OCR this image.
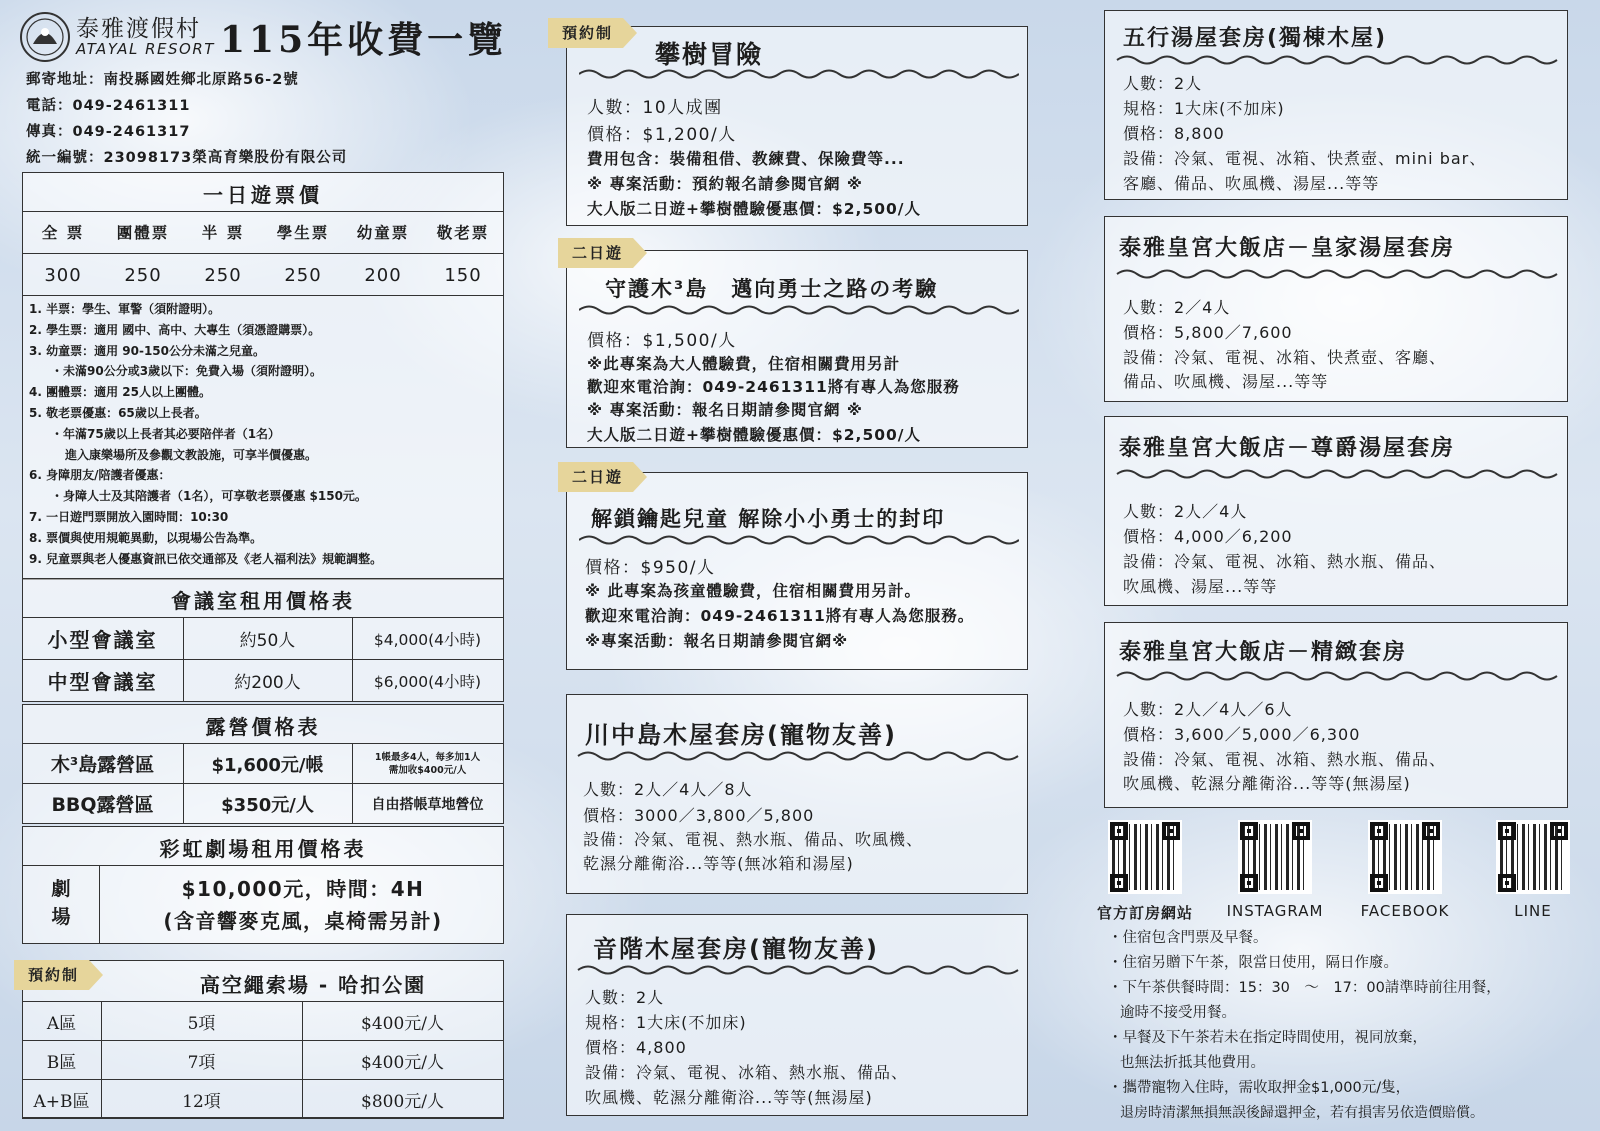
泰雅渡假村
ATAYAL RESORT 115年收費一覽
郵寄地址：南投縣國姓鄉北原路56-2號
電話：049-2461311
傳真：049-2461317
統一編號：23098173榮高育樂股份有限公司
一日遊票價
全 票	團體票	半 票	學生票	幼童票	敬老票
300	250	250	250	200	150
1. 半票：學生、軍警（須附證明）。
2. 學生票：適用 國中、高中、大專生（須憑證購票）。
3. 幼童票：適用 90-150公分未滿之兒童。
・未滿90公分或3歲以下：免費入場（須附證明）。
4. 團體票：適用 25人以上團體。
5. 敬老票優惠：65歲以上長者。
・年滿75歲以上長者其必要陪伴者（1名）
進入康樂場所及參觀文教設施，可享半價優惠。
6. 身障朋友/陪護者優惠：
・身障人士及其陪護者（1名），可享敬老票優惠 $150元。
7. 一日遊門票開放入園時間：10:30
8. 票價與使用規範異動，以現場公告為準。
9. 兒童票與老人優惠資訊已依交通部及《老人福利法》規範調整。
會議室租用價格表
小型會議室	約50人	$4,000(4小時)
中型會議室	約200人	$6,000(4小時)
露營價格表
木³島露營區	$1,600元/帳	1帳最多4人，每多加1人
需加收$400元/人

BBQ露營區	$350元/人	自由搭帳草地營位
彩虹劇場租用價格表
劇場
$10,000元，時間：4H
(含音響麥克風，桌椅需另計)
高空繩索場 - 哈扣公園
A區	5項	$400元/人
B區	7項	$400元/人
A+B區	12項	$800元/人
預約制
攀樹冒險
人數：10人成團
價格：$1,200/人
費用包含：裝備租借、教練費、保險費等...
※ 專案活動：預約報名請參閱官網 ※
大人版二日遊+攀樹體驗優惠價：$2,500/人
預約制
守護木³島　邁向勇士之路の考驗
價格：$1,500/人
※此專案為大人體驗費，住宿相關費用另計
歡迎來電洽詢：049-2461311將有專人為您服務
※ 專案活動：報名日期請參閱官網 ※
大人版二日遊+攀樹體驗優惠價：$2,500/人
二日遊
解鎖鑰匙兒童 解除小小勇士的封印
價格：$950/人
※ 此專案為孩童體驗費，住宿相關費用另計。
歡迎來電洽詢：049-2461311將有專人為您服務。
※專案活動：報名日期請參閱官網※
二日遊
川中島木屋套房(寵物友善)
人數：2人／4人／8人
價格：3000／3,800／5,800
設備：冷氣、電視、熱水瓶、備品、吹風機、
乾濕分離衛浴...等等(無冰箱和湯屋)
音階木屋套房(寵物友善)
人數：2人
規格：1大床(不加床)
價格：4,800
設備：冷氣、電視、冰箱、熱水瓶、備品、
吹風機、乾濕分離衛浴...等等(無湯屋)
五行湯屋套房(獨棟木屋)
人數：2人
規格：1大床(不加床)
價格：8,800
設備：冷氣、電視、冰箱、快煮壺、mini bar、
客廳、備品、吹風機、湯屋...等等
泰雅皇宮大飯店－皇家湯屋套房
人數：2／4人
價格：5,800／7,600
設備：冷氣、電視、冰箱、快煮壺、客廳、
備品、吹風機、湯屋...等等
泰雅皇宮大飯店－尊爵湯屋套房
人數：2人／4人
價格：4,000／6,200
設備：冷氣、電視、冰箱、熱水瓶、備品、
吹風機、湯屋...等等
泰雅皇宮大飯店－精緻套房
人數：2人／4人／6人
價格：3,600／5,000／6,300
設備：冷氣、電視、冰箱、熱水瓶、備品、
吹風機、乾濕分離衛浴...等等(無湯屋)
官方訂房網站	INSTAGRAM	FACEBOOK	LINE
・住宿包含門票及早餐。
・住宿另贈下午茶，限當日使用，隔日作廢。
・下午茶供餐時間：15：30　～　17：00請準時前往用餐，
逾時不接受用餐。
・早餐及下午茶若未在指定時間使用，視同放棄，
也無法折抵其他費用。
・攜帶寵物入住時，需收取押金$1,000元/隻，
退房時清潔無損無誤後歸還押金，若有損害另依造價賠償。
